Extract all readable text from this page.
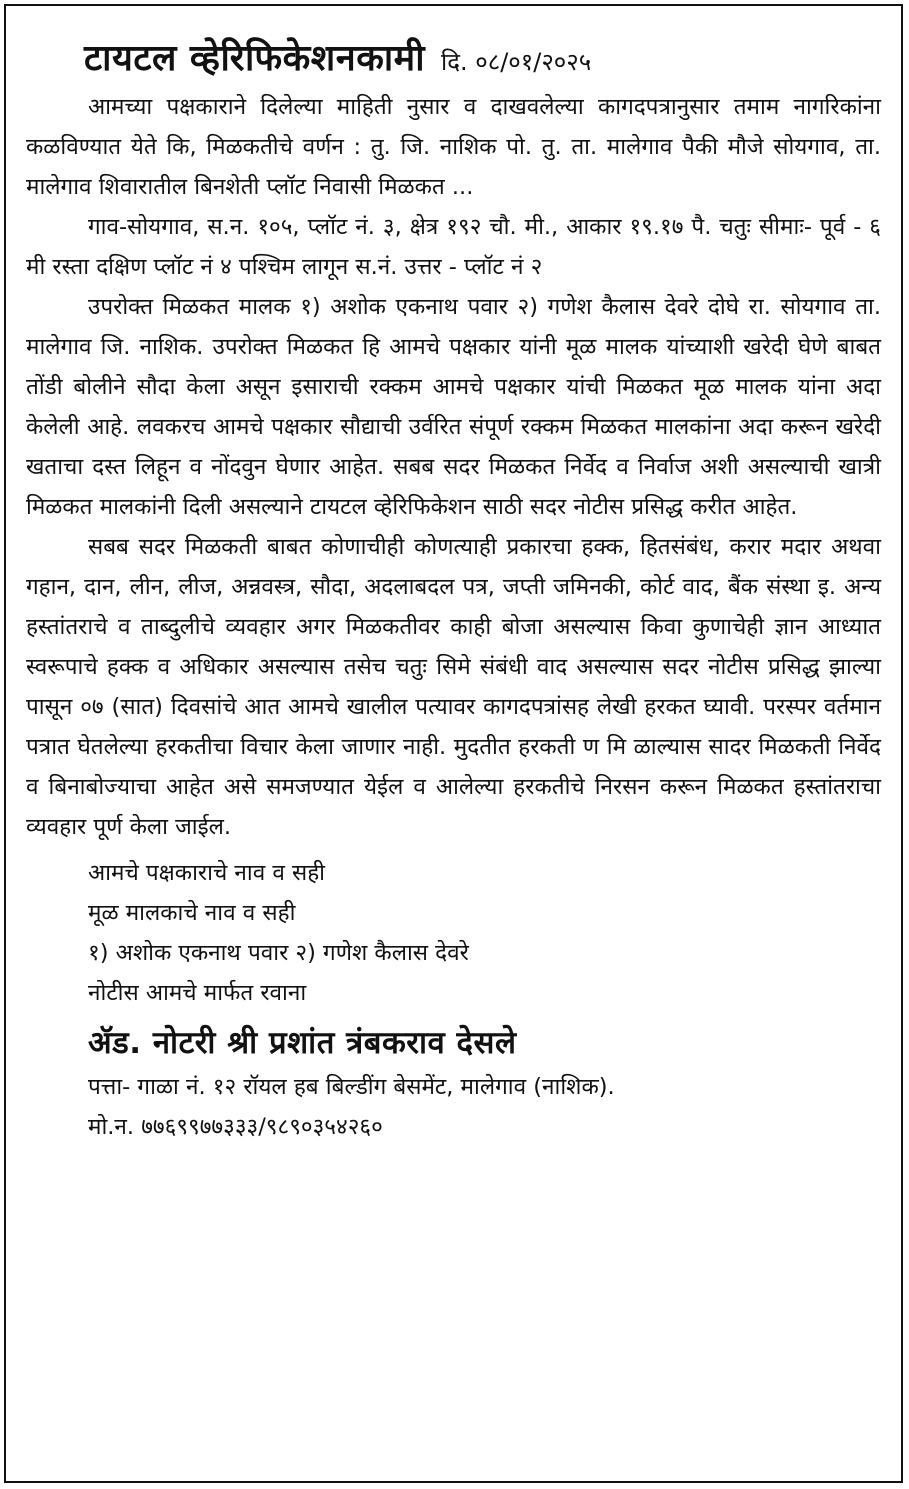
टायटल व्हेरिफिकेशनकामी दि. ०८/०१/२०२५

आमच्या पक्षकाराने दिलेल्या माहिती नुसार व दाखवलेल्या कागदपत्रानुसार तमाम नागरिकांना कळविण्यात येते कि, मिळकतीचे वर्णन : तु. जि. नाशिक पो. तु. ता. मालेगाव पैकी मौजे सोयगाव, ता. मालेगाव शिवारातील बिनशेती प्लॉट निवासी मिळकत ...

गाव-सोयगाव, स.न. १०५, प्लॉट नं. ३, क्षेत्र १९२ चौ. मी., आकार १९.१७ पै. चतुः सीमाः- पूर्व - ६ मी रस्ता दक्षिण प्लॉट नं ४ पश्चिम लागून स.नं. उत्तर - प्लॉट नं २

उपरोक्त मिळकत मालक १) अशोक एकनाथ पवार २) गणेश कैलास देवरे दोघे रा. सोयगाव ता. मालेगाव जि. नाशिक. उपरोक्त मिळकत हि आमचे पक्षकार यांनी मूळ मालक यांच्याशी खरेदी घेणे बाबत तोंडी बोलीने सौदा केला असून इसाराची रक्कम आमचे पक्षकार यांची मिळकत मूळ मालक यांना अदा केलेली आहे. लवकरच आमचे पक्षकार सौद्याची उर्वरित संपूर्ण रक्कम मिळकत मालकांना अदा करून खरेदी खताचा दस्त लिहून व नोंदवुन घेणार आहेत. सबब सदर मिळकत निर्वेद व निर्वाज अशी असल्याची खात्री मिळकत मालकांनी दिली असल्याने टायटल व्हेरिफिकेशन साठी सदर नोटीस प्रसिद्ध करीत आहेत.

सबब सदर मिळकती बाबत कोणाचीही कोणत्याही प्रकारचा हक्क, हितसंबंध, करार मदार अथवा गहान, दान, लीन, लीज, अन्नवस्त्र, सौदा, अदलाबदल पत्र, जप्ती जमिनकी, कोर्ट वाद, बैंक संस्था इ. अन्य हस्तांतराचे व ताब्दुलीचे व्यवहार अगर मिळकतीवर काही बोजा असल्यास किवा कुणाचेही ज्ञान आध्यात स्वरूपाचे हक्क व अधिकार असल्यास तसेच चतुः सिमे संबंधी वाद असल्यास सदर नोटीस प्रसिद्ध झाल्या पासून ०७ (सात) दिवसांचे आत आमचे खालील पत्यावर कागदपत्रांसह लेखी हरकत घ्यावी. परस्पर वर्तमान पत्रात घेतलेल्या हरकतीचा विचार केला जाणार नाही. मुदतीत हरकती ण मि ळाल्यास सादर मिळकती निर्वेद व बिनाबोज्याचा आहेत असे समजण्यात येईल व आलेल्या हरकतीचे निरसन करून मिळकत हस्तांतराचा व्यवहार पूर्ण केला जाईल.

आमचे पक्षकाराचे नाव व सही
मूळ मालकाचे नाव व सही
१) अशोक एकनाथ पवार २) गणेश कैलास देवरे
नोटीस आमचे मार्फत रवाना
ॲड. नोटरी श्री प्रशांत त्रंबकराव देसले
पत्ता- गाळा नं. १२ रॉयल हब बिल्डींग बेसमेंट, मालेगाव (नाशिक).
मो.न. ७७६९९७७३३३/९८९०३५४२६०
